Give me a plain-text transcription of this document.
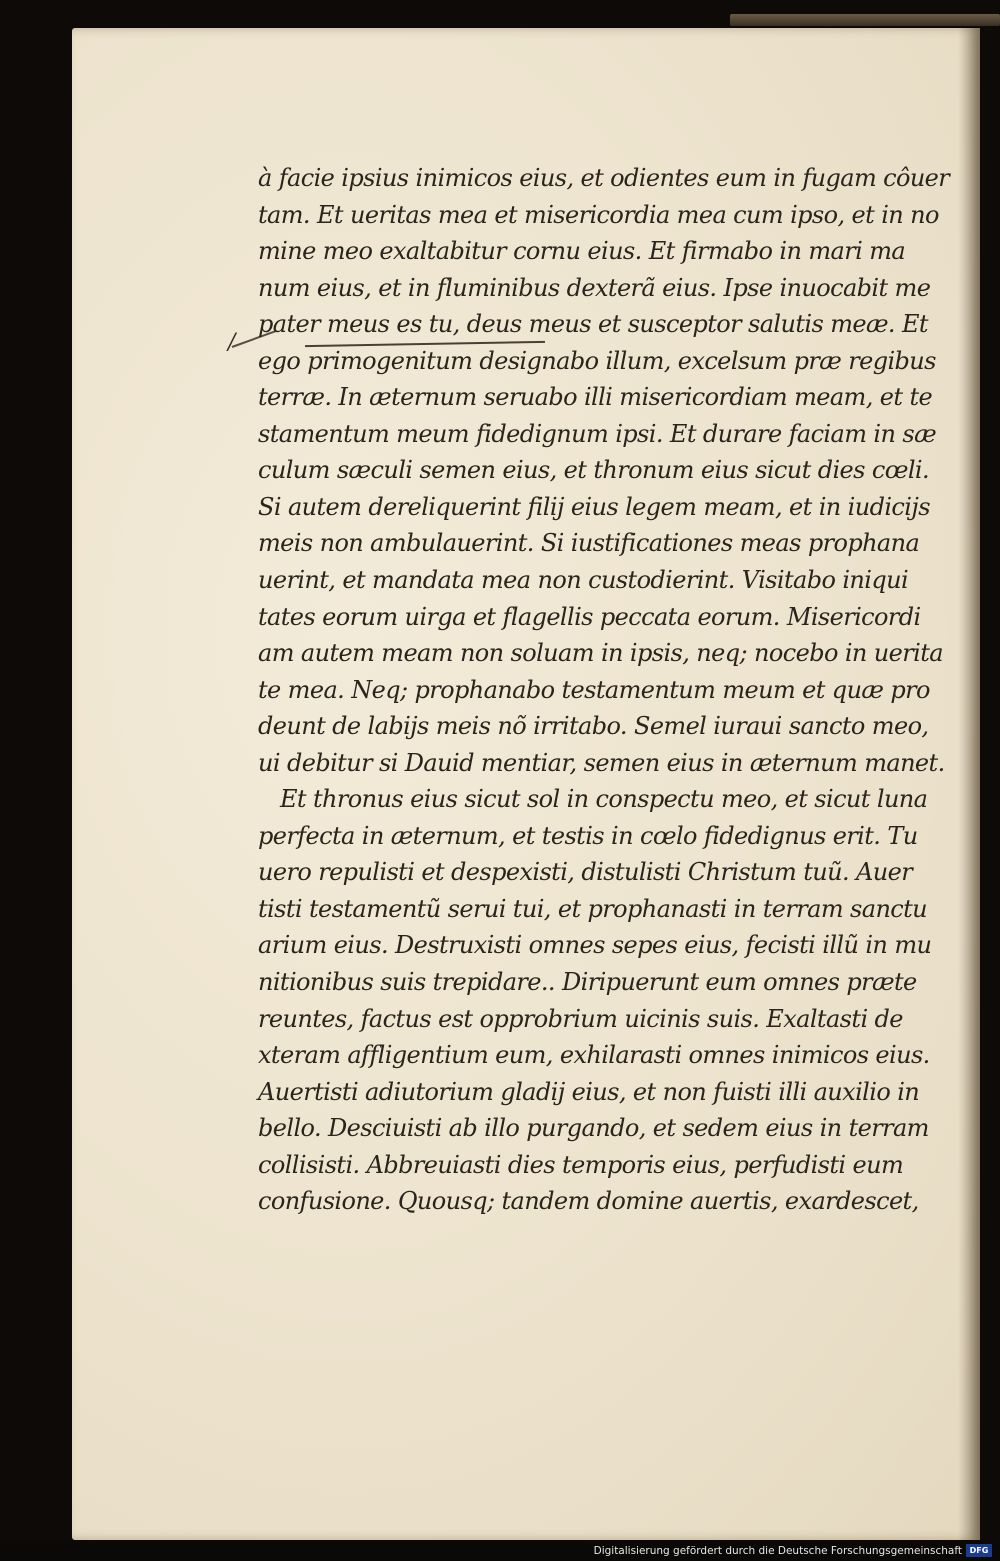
/
à facie ipsius inimicos eius, et odientes eum in fugam côuer
tam. Et ueritas mea et misericordia mea cum ipso, et in no
mine meo exaltabitur cornu eius. Et firmabo in mari ma
num eius, et in fluminibus dexterã eius. Ipse inuocabit me
pater meus es tu, deus meus et susceptor salutis meæ. Et
ego primogenitum designabo illum, excelsum præ regibus
terræ. In æternum seruabo illi misericordiam meam, et te
stamentum meum fidedignum ipsi. Et durare faciam in sæ
culum sæculi semen eius, et thronum eius sicut dies cœli.
Si autem dereliquerint filij eius legem meam, et in iudicijs
meis non ambulauerint. Si iustificationes meas prophana
uerint, et mandata mea non custodierint. Visitabo iniqui
tates eorum uirga et flagellis peccata eorum. Misericordi
am autem meam non soluam in ipsis, neq; nocebo in uerita
te mea. Neq; prophanabo testamentum meum et quæ pro
deunt de labijs meis nõ irritabo. Semel iuraui sancto meo,
ui debitur si Dauid mentiar, semen eius in æternum manet.
Et thronus eius sicut sol in conspectu meo, et sicut luna
perfecta in æternum, et testis in cœlo fidedignus erit. Tu
uero repulisti et despexisti, distulisti Christum tuũ. Auer
tisti testamentũ serui tui, et prophanasti in terram sanctu
arium eius. Destruxisti omnes sepes eius, fecisti illũ in mu
nitionibus suis trepidare.. Diripuerunt eum omnes præte
reuntes, factus est opprobrium uicinis suis. Exaltasti de
xteram affligentium eum, exhilarasti omnes inimicos eius.
Auertisti adiutorium gladij eius, et non fuisti illi auxilio in
bello. Desciuisti ab illo purgando, et sedem eius in terram
collisisti. Abbreuiasti dies temporis eius, perfudisti eum
confusione. Quousq; tandem domine auertis, exardescet,
Digitalisierung gefördert durch die Deutsche Forschungsgemeinschaft DFG
